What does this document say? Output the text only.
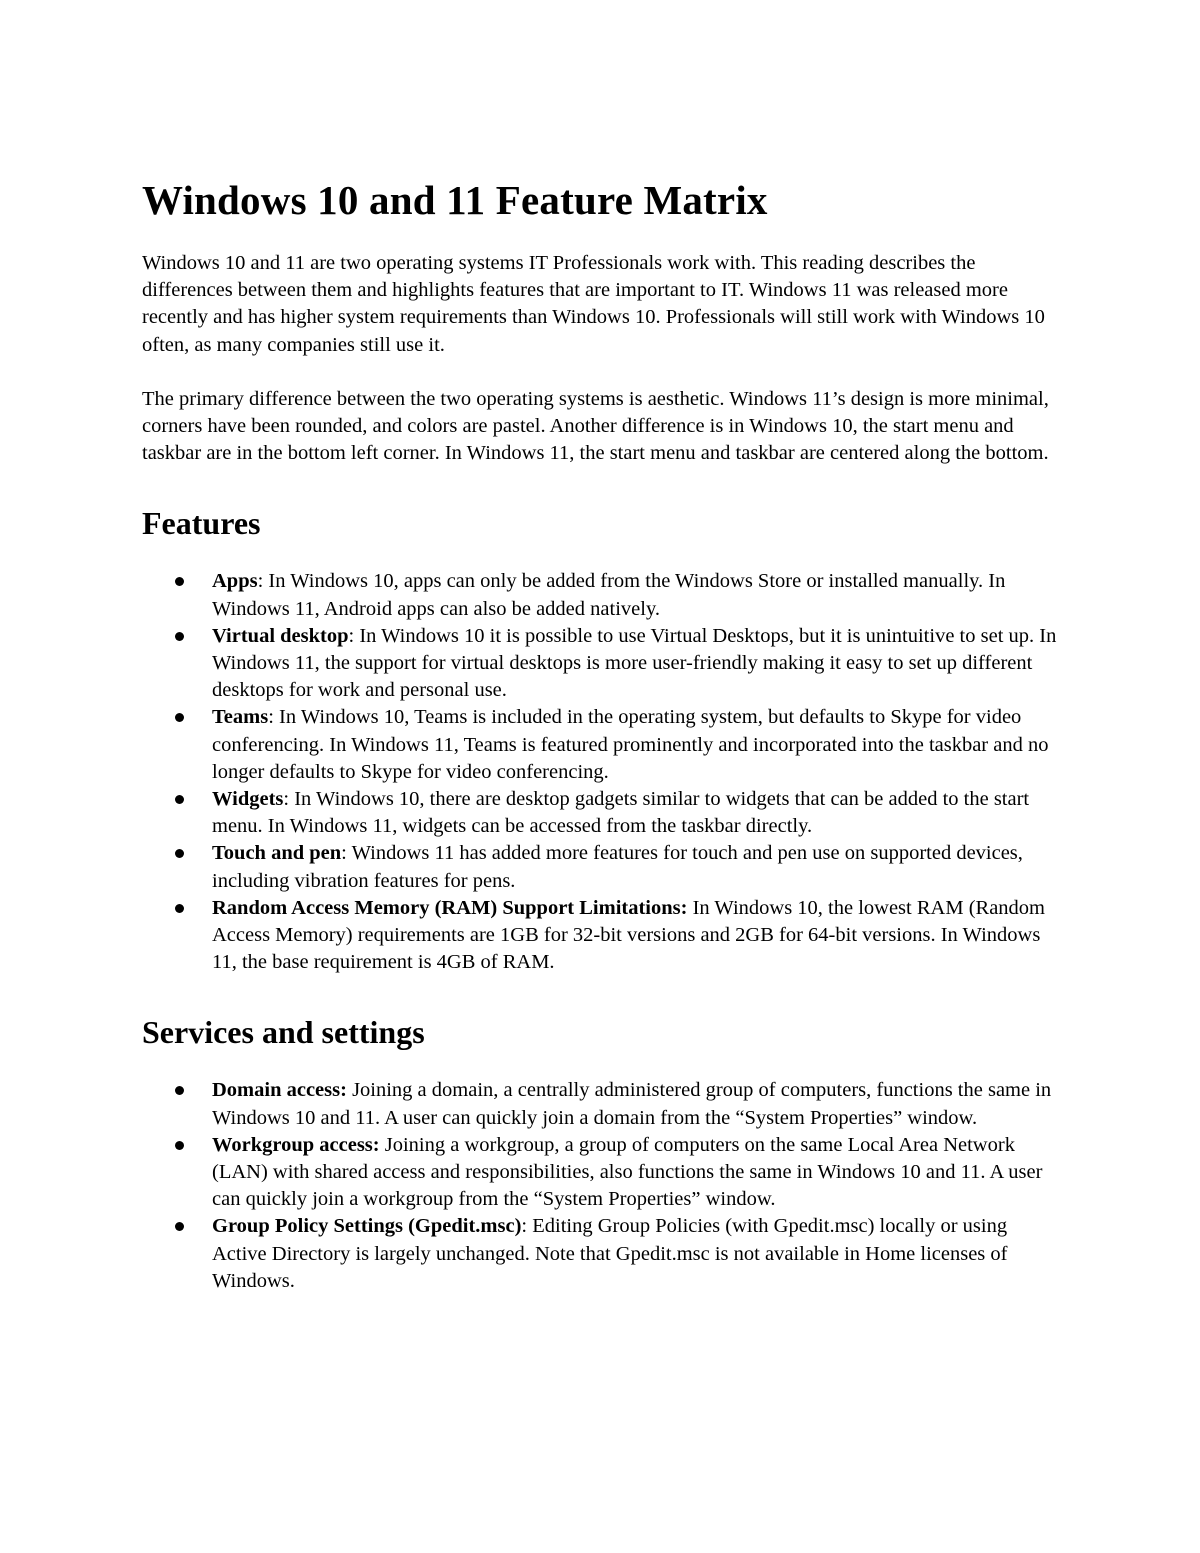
Windows 10 and 11 Feature Matrix

Windows 10 and 11 are two operating systems IT Professionals work with. This reading describes the differences between them and highlights features that are important to IT. Windows 11 was released more recently and has higher system requirements than Windows 10. Professionals will still work with Windows 10 often, as many companies still use it.

The primary difference between the two operating systems is aesthetic. Windows 11’s design is more minimal, corners have been rounded, and colors are pastel. Another difference is in Windows 10, the start menu and taskbar are in the bottom left corner. In Windows 11, the start menu and taskbar are centered along the bottom.

Features
Apps: In Windows 10, apps can only be added from the Windows Store or installed manually. In Windows 11, Android apps can also be added natively.
Virtual desktop: In Windows 10 it is possible to use Virtual Desktops, but it is unintuitive to set up. In Windows 11, the support for virtual desktops is more user-friendly making it easy to set up different desktops for work and personal use.
Teams: In Windows 10, Teams is included in the operating system, but defaults to Skype for video conferencing. In Windows 11, Teams is featured prominently and incorporated into the taskbar and no longer defaults to Skype for video conferencing.
Widgets: In Windows 10, there are desktop gadgets similar to widgets that can be added to the start menu. In Windows 11, widgets can be accessed from the taskbar directly.
Touch and pen: Windows 11 has added more features for touch and pen use on supported devices, including vibration features for pens.
Random Access Memory (RAM) Support Limitations: In Windows 10, the lowest RAM (Random Access Memory) requirements are 1GB for 32-bit versions and 2GB for 64-bit versions. In Windows 11, the base requirement is 4GB of RAM.
Services and settings
Domain access: Joining a domain, a centrally administered group of computers, functions the same in Windows 10 and 11. A user can quickly join a domain from the “System Properties” window.
Workgroup access: Joining a workgroup, a group of computers on the same Local Area Network (LAN) with shared access and responsibilities, also functions the same in Windows 10 and 11. A user can quickly join a workgroup from the “System Properties” window.
Group Policy Settings (Gpedit.msc): Editing Group Policies (with Gpedit.msc) locally or using Active Directory is largely unchanged. Note that Gpedit.msc is not available in Home licenses of Windows.
